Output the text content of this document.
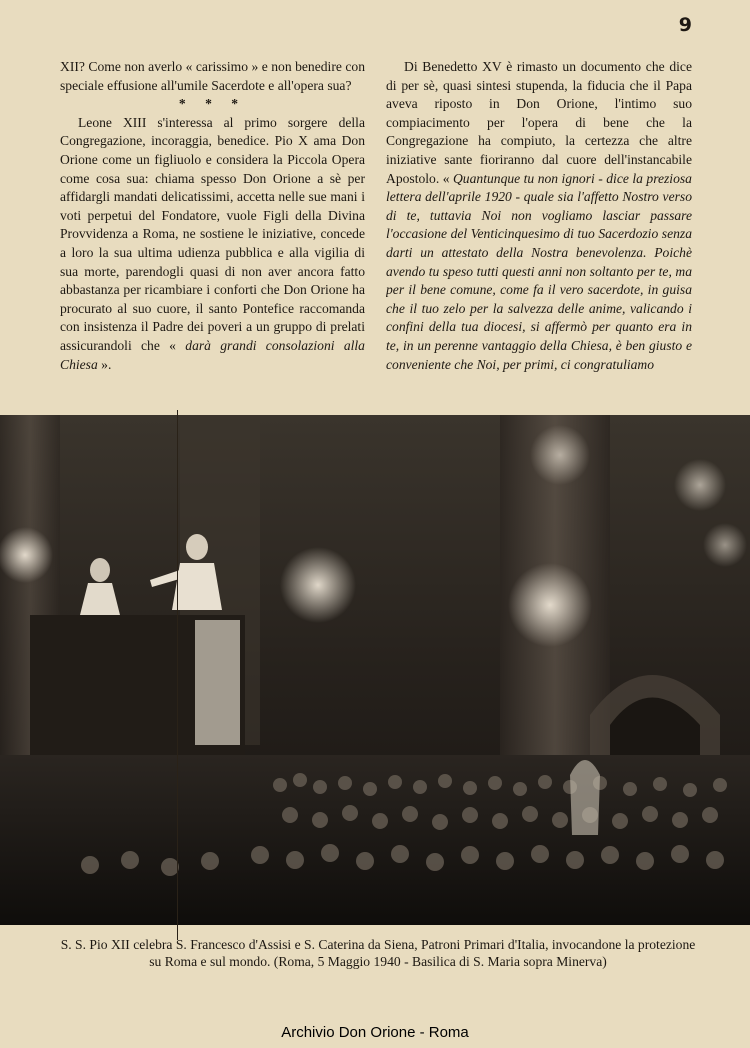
9

XII? Come non averlo « carissimo » e non benedire con speciale effusione all'umile Sacerdote e all'opera sua?

* * *

Leone XIII s'interessa al primo sorgere della Congregazione, incoraggia, benedice. Pio X ama Don Orione come un figliuolo e considera la Piccola Opera come cosa sua: chiama spesso Don Orione a sè per affidargli mandati delicatissimi, accetta nelle sue mani i voti perpetui del Fondatore, vuole Figli della Divina Provvidenza a Roma, ne sostiene le iniziative, concede a loro la sua ultima udienza pubblica e alla vigilia di sua morte, parendogli quasi di non aver ancora fatto abbastanza per ricambiare i conforti che Don Orione ha procurato al suo cuore, il santo Pontefice raccomanda con insistenza il Padre dei poveri a un gruppo di prelati assicurandoli che « darà grandi consolazioni alla Chiesa ».

Di Benedetto XV è rimasto un documento che dice di per sè, quasi sintesi stupenda, la fiducia che il Papa aveva riposto in Don Orione, l'intimo suo compiacimento per l'opera di bene che la Congregazione ha compiuto, la certezza che altre iniziative sante fioriranno dal cuore dell'instancabile Apostolo. « Quantunque tu non ignori - dice la preziosa lettera dell'aprile 1920 - quale sia l'affetto Nostro verso di te, tuttavia Noi non vogliamo lasciar passare l'occasione del Venticinquesimo di tuo Sacerdozio senza darti un attestato della Nostra benevolenza. Poichè avendo tu speso tutti questi anni non soltanto per te, ma per il bene comune, come fa il vero sacerdote, in guisa che il tuo zelo per la salvezza delle anime, valicando i confini della tua diocesi, si affermò per quanto era in te, in un perenne vantaggio della Chiesa, è ben giusto e conveniente che Noi, per primi, ci congratuliamo

S. S. Pio XII celebra S. Francesco d'Assisi e S. Caterina da Siena, Patroni Primari d'Italia, invocandone la protezione su Roma e sul mondo. (Roma, 5 Maggio 1940 - Basilica di S. Maria sopra Minerva)
Archivio Don Orione - Roma
